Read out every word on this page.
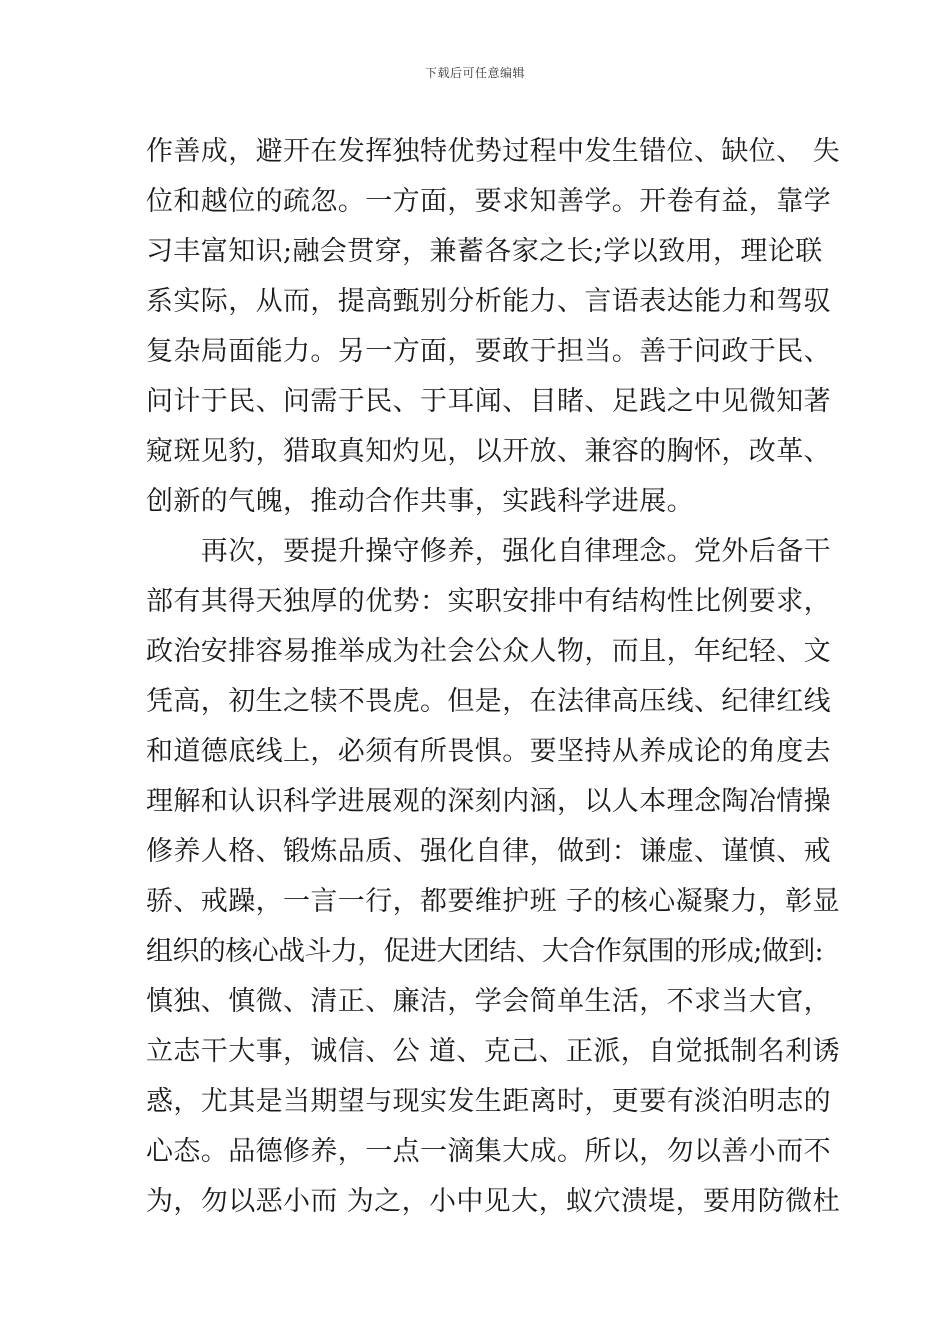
下载后可任意编辑
作善成，避开在发挥独特优势过程中发生错位、缺位、 失
位和越位的疏忽。一方面，要求知善学。开卷有益，靠学
习丰富知识;融会贯穿，兼蓄各家之长;学以致用，理论联
系实际，从而，提高甄别分析能力、言语表达能力和驾驭
复杂局面能力。另一方面，要敢于担当。善于问政于民、
问计于民、问需于民、于耳闻、目睹、足践之中见微知著
窥斑见豹，猎取真知灼见，以开放、兼容的胸怀，改革、
创新的气魄，推动合作共事，实践科学进展。
　　再次，要提升操守修养，强化自律理念。党外后备干
部有其得天独厚的优势：实职安排中有结构性比例要求，
政治安排容易推举成为社会公众人物，而且，年纪轻、文
凭高，初生之犊不畏虎。但是，在法律高压线、纪律红线
和道德底线上，必须有所畏惧。要坚持从养成论的角度去
理解和认识科学进展观的深刻内涵，以人本理念陶冶情操
修养人格、锻炼品质、强化自律，做到：谦虚、谨慎、戒
骄、戒躁，一言一行，都要维护班 子的核心凝聚力，彰显
组织的核心战斗力，促进大团结、大合作氛围的形成;做到:
慎独、慎微、清正、廉洁，学会简单生活，不求当大官，
立志干大事，诚信、公 道、克己、正派，自觉抵制名利诱
惑，尤其是当期望与现实发生距离时，更要有淡泊明志的
心态。品德修养，一点一滴集大成。所以，勿以善小而不
为，勿以恶小而 为之，小中见大，蚁穴溃堤，要用防微杜
